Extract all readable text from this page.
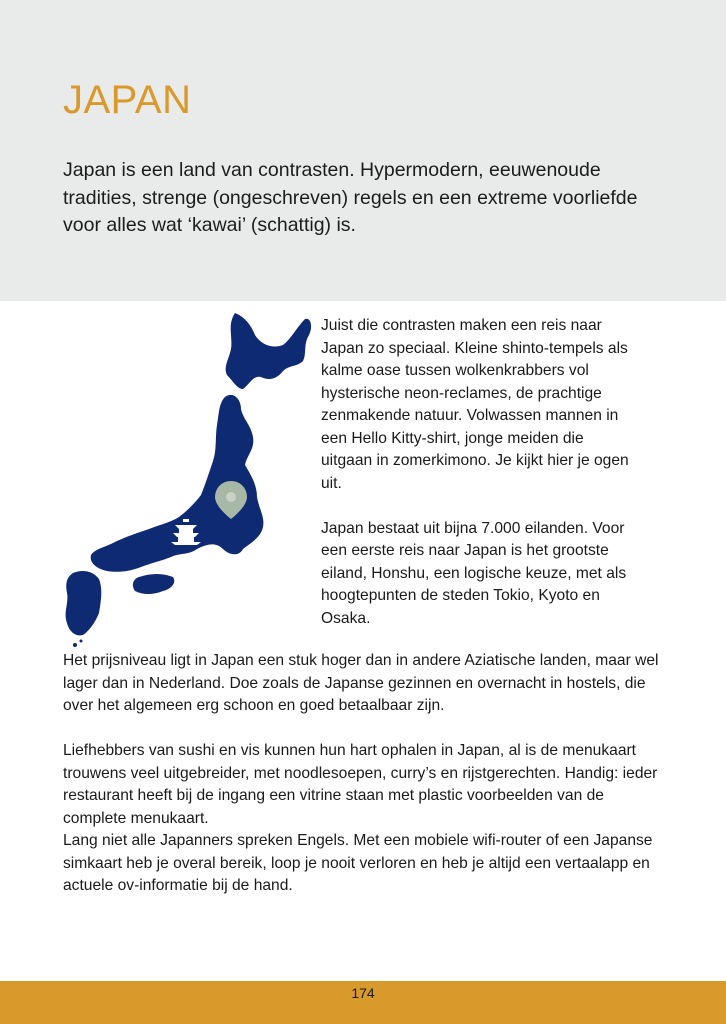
JAPAN

Japan is een land van contrasten. Hypermodern, eeuwenoude tradities, strenge (ongeschreven) regels en een extreme voorliefde voor alles wat ‘kawai’ (schattig) is.

Juist die contrasten maken een reis naar Japan zo speciaal. Kleine shinto-tempels als kalme oase tussen wolkenkrabbers vol hysterische neon-reclames, de prachtige zenmakende natuur. Volwassen mannen in een Hello Kitty-shirt, jonge meiden die uitgaan in zomerkimono. Je kijkt hier je ogen uit.

Japan bestaat uit bijna 7.000 eilanden. Voor een eerste reis naar Japan is het grootste eiland, Honshu, een logische keuze, met als hoogtepunten de steden Tokio, Kyoto en Osaka.

Het prijsniveau ligt in Japan een stuk hoger dan in andere Aziatische landen, maar wel lager dan in Nederland. Doe zoals de Japanse gezinnen en overnacht in hostels, die over het algemeen erg schoon en goed betaalbaar zijn.

Liefhebbers van sushi en vis kunnen hun hart ophalen in Japan, al is de menukaart trouwens veel uitgebreider, met noodlesoepen, curry’s en rijstgerechten. Handig: ieder restaurant heeft bij de ingang een vitrine staan met plastic voorbeelden van de complete menukaart.

Lang niet alle Japanners spreken Engels. Met een mobiele wifi-router of een Japanse simkaart heb je overal bereik, loop je nooit verloren en heb je altijd een vertaalapp en actuele ov-informatie bij de hand.

174
